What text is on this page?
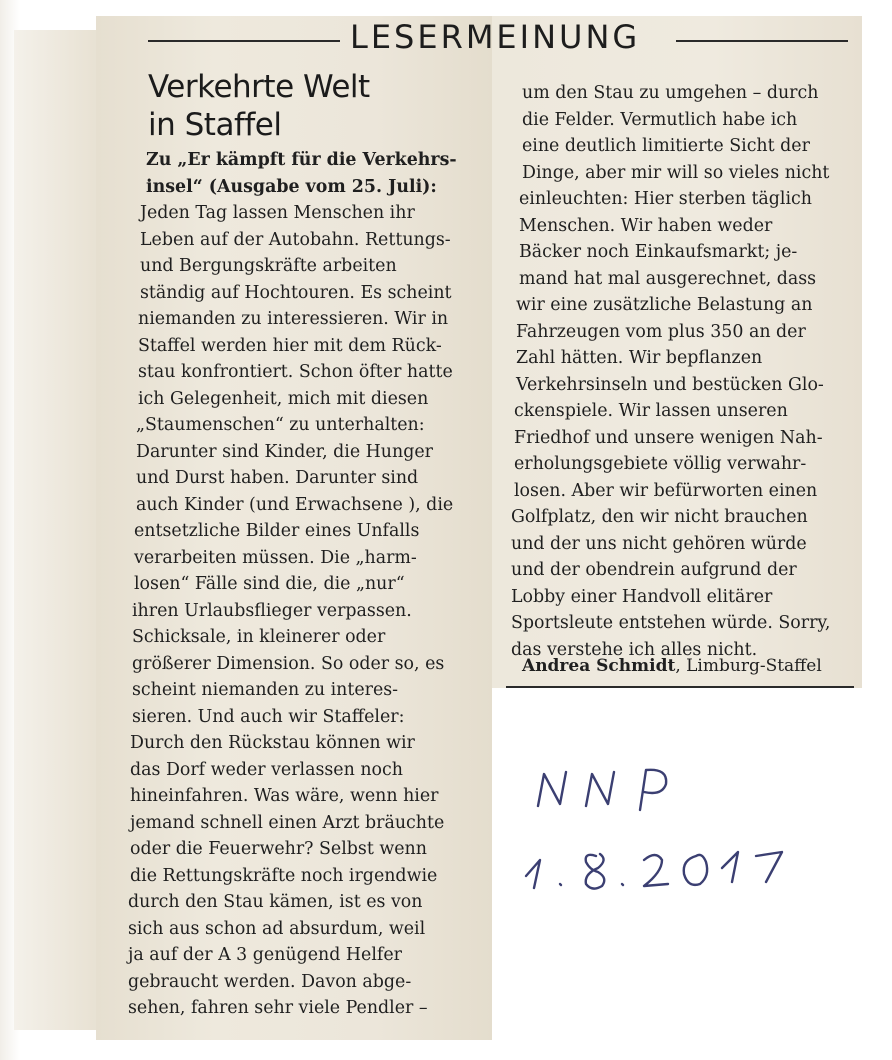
LESERMEINUNG
Verkehrte Welt
in Staffel
Zu „Er kämpft für die Verkehrs-
insel“ (Ausgabe vom 25. Juli):
Jeden Tag lassen Menschen ihr
Leben auf der Autobahn. Rettungs-
und Bergungskräfte arbeiten
ständig auf Hochtouren. Es scheint
niemanden zu interessieren. Wir in
Staffel werden hier mit dem Rück-
stau konfrontiert. Schon öfter hatte
ich Gelegenheit, mich mit diesen
„Staumenschen“ zu unterhalten:
Darunter sind Kinder, die Hunger
und Durst haben. Darunter sind
auch Kinder (und Erwachsene ), die
entsetzliche Bilder eines Unfalls
verarbeiten müssen. Die „harm-
losen“ Fälle sind die, die „nur“
ihren Urlaubsflieger verpassen.
Schicksale, in kleinerer oder
größerer Dimension. So oder so, es
scheint niemanden zu interes-
sieren. Und auch wir Staffeler:
Durch den Rückstau können wir
das Dorf weder verlassen noch
hineinfahren. Was wäre, wenn hier
jemand schnell einen Arzt bräuchte
oder die Feuerwehr? Selbst wenn
die Rettungskräfte noch irgendwie
durch den Stau kämen, ist es von
sich aus schon ad absurdum, weil
ja auf der A 3 genügend Helfer
gebraucht werden. Davon abge-
sehen, fahren sehr viele Pendler –
um den Stau zu umgehen – durch
die Felder. Vermutlich habe ich
eine deutlich limitierte Sicht der
Dinge, aber mir will so vieles nicht
einleuchten: Hier sterben täglich
Menschen. Wir haben weder
Bäcker noch Einkaufsmarkt; je-
mand hat mal ausgerechnet, dass
wir eine zusätzliche Belastung an
Fahrzeugen vom plus 350 an der
Zahl hätten. Wir bepflanzen
Verkehrsinseln und bestücken Glo-
ckenspiele. Wir lassen unseren
Friedhof und unsere wenigen Nah-
erholungsgebiete völlig verwahr-
losen. Aber wir befürworten einen
Golfplatz, den wir nicht brauchen
und der uns nicht gehören würde
und der obendrein aufgrund der
Lobby einer Handvoll elitärer
Sportsleute entstehen würde. Sorry,
das verstehe ich alles nicht.
Andrea Schmidt, Limburg-Staffel
